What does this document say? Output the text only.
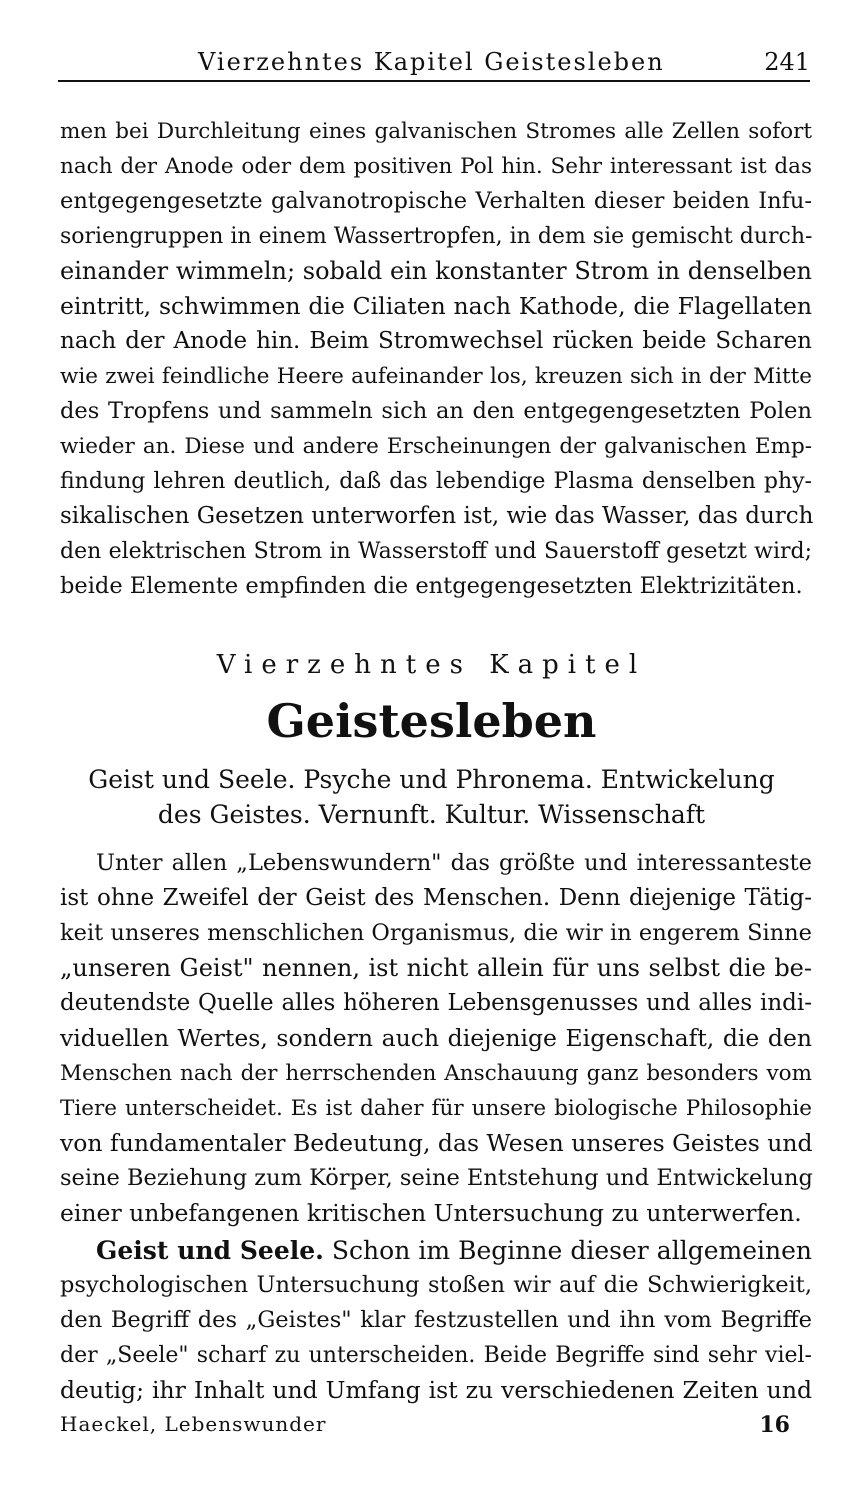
Vierzehntes Kapitel Geistesleben	241
men bei Durchleitung eines galvanischen Stromes alle Zellen sofort
nach der Anode oder dem positiven Pol hin. Sehr interessant ist das
entgegengesetzte galvanotropische Verhalten dieser beiden Infu-
soriengruppen in einem Wassertropfen, in dem sie gemischt durch-
einander wimmeln; sobald ein konstanter Strom in denselben
eintritt, schwimmen die Ciliaten nach Kathode, die Flagellaten
nach der Anode hin. Beim Stromwechsel rücken beide Scharen
wie zwei feindliche Heere aufeinander los, kreuzen sich in der Mitte
des Tropfens und sammeln sich an den entgegengesetzten Polen
wieder an. Diese und andere Erscheinungen der galvanischen Emp-
findung lehren deutlich, daß das lebendige Plasma denselben phy-
sikalischen Gesetzen unterworfen ist, wie das Wasser, das durch
den elektrischen Strom in Wasserstoff und Sauerstoff gesetzt wird;
beide Elemente empfinden die entgegengesetzten Elektrizitäten.
Vierzehntes Kapitel
Geistesleben
Geist und Seele. Psyche und Phronema. Entwickelung
des Geistes. Vernunft. Kultur. Wissenschaft
Unter allen „Lebenswundern" das größte und interessanteste
ist ohne Zweifel der Geist des Menschen. Denn diejenige Tätig-
keit unseres menschlichen Organismus, die wir in engerem Sinne
„unseren Geist" nennen, ist nicht allein für uns selbst die be-
deutendste Quelle alles höheren Lebensgenusses und alles indi-
viduellen Wertes, sondern auch diejenige Eigenschaft, die den
Menschen nach der herrschenden Anschauung ganz besonders vom
Tiere unterscheidet. Es ist daher für unsere biologische Philosophie
von fundamentaler Bedeutung, das Wesen unseres Geistes und
seine Beziehung zum Körper, seine Entstehung und Entwickelung
einer unbefangenen kritischen Untersuchung zu unterwerfen.
Geist und Seele. Schon im Beginne dieser allgemeinen
psychologischen Untersuchung stoßen wir auf die Schwierigkeit,
den Begriff des „Geistes" klar festzustellen und ihn vom Begriffe
der „Seele" scharf zu unterscheiden. Beide Begriffe sind sehr viel-
deutig; ihr Inhalt und Umfang ist zu verschiedenen Zeiten und
Haeckel, Lebenswunder	16
